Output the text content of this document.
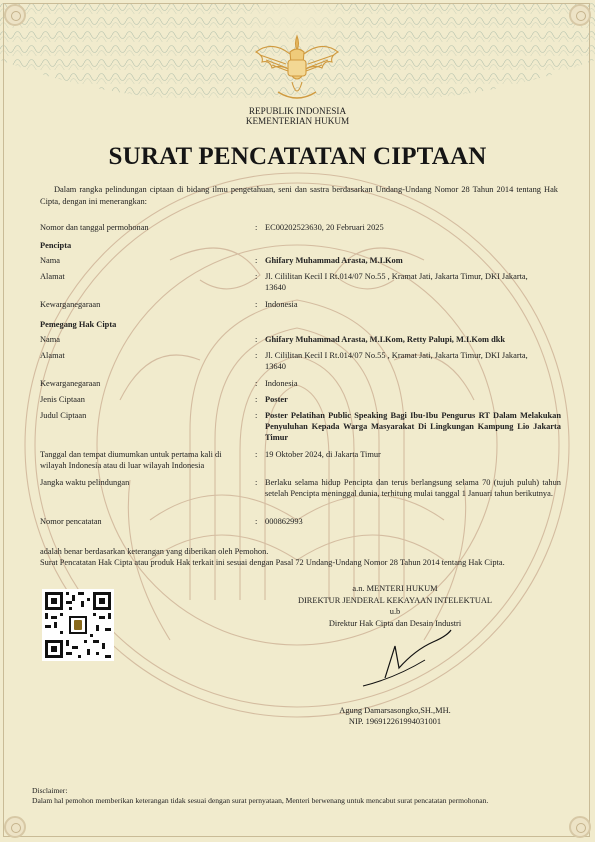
REPUBLIK INDONESIA
KEMENTERIAN HUKUM
SURAT PENCATATAN CIPTAAN
Dalam rangka pelindungan ciptaan di bidang ilmu pengetahuan, seni dan sastra berdasarkan Undang-Undang Nomor 28 Tahun 2014 tentang Hak Cipta, dengan ini menerangkan:
Nomor dan tanggal permohonan	: EC00202523630, 20 Februari 2025
Pencipta
Nama	: Ghifary Muhammad Arasta, M.I.Kom
Alamat	: Jl. Cililitan Kecil I Rt.014/07 No.55 , Kramat Jati, Jakarta Timur, DKI Jakarta, 13640
Kewarganegaraan	: Indonesia
Pemegang Hak Cipta
Nama	: Ghifary Muhammad Arasta, M.I.Kom, Retty Palupi, M.I.Kom dkk
Alamat	: Jl. Cililitan Kecil I Rt.014/07 No.55 , Kramat Jati, Jakarta Timur, DKI Jakarta, 13640
Kewarganegaraan	: Indonesia
Jenis Ciptaan	: Poster
Judul Ciptaan	: Poster Pelatihan Public Speaking Bagi Ibu-Ibu Pengurus RT Dalam Melakukan Penyuluhan Kepada Warga Masyarakat Di Lingkungan Kampung Lio Jakarta Timur
Tanggal dan tempat diumumkan untuk pertama kali di wilayah Indonesia atau di luar wilayah Indonesia
: 19 Oktober 2024, di Jakarta Timur
Jangka waktu pelindungan	: Berlaku selama hidup Pencipta dan terus berlangsung selama 70 (tujuh puluh) tahun setelah Pencipta meninggal dunia, terhitung mulai tanggal 1 Januari tahun berikutnya.
Nomor pencatatan	: 000862993
adalah benar berdasarkan keterangan yang diberikan oleh Pemohon.
Surat Pencatatan Hak Cipta atau produk Hak terkait ini sesuai dengan Pasal 72 Undang-Undang Nomor 28 Tahun 2014 tentang Hak Cipta.
a.n. MENTERI HUKUM
DIREKTUR JENDERAL KEKAYAAN INTELEKTUAL
u.b
Direktur Hak Cipta dan Desain Industri
Agung Damarsasongko,SH.,MH.
NIP. 196912261994031001
Disclaimer:
Dalam hal pemohon memberikan keterangan tidak sesuai dengan surat pernyataan, Menteri berwenang untuk mencabut surat pencatatan permohonan.
